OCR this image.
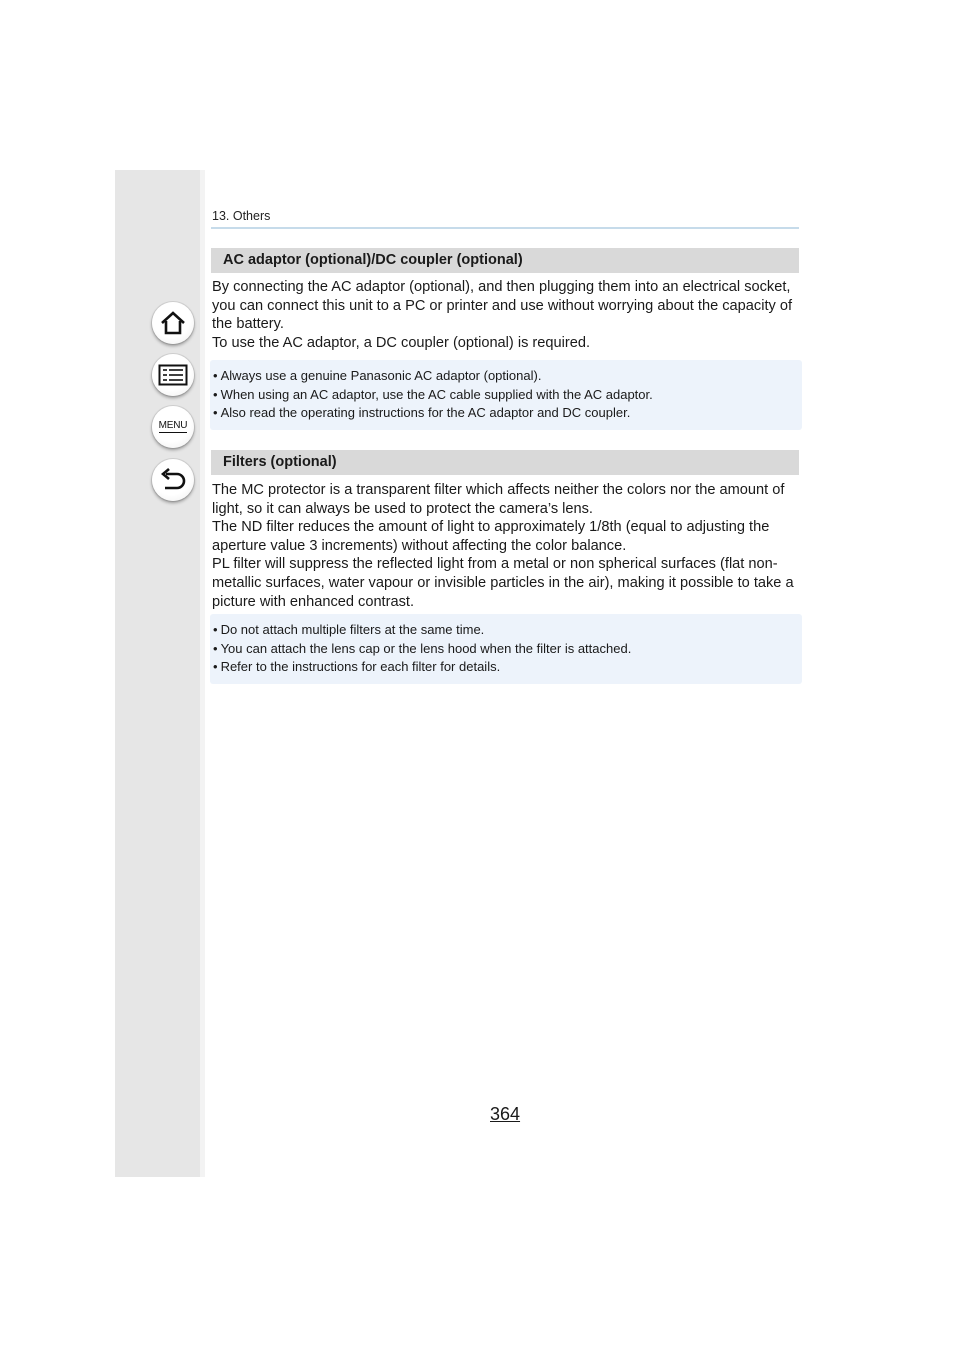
MENU
13. Others
AC adaptor (optional)/DC coupler (optional)

By connecting the AC adaptor (optional), and then plugging them into an electrical socket, you can connect this unit to a PC or printer and use without worrying about the capacity of the battery.

To use the AC adaptor, a DC coupler (optional) is required.

• Always use a genuine Panasonic AC adaptor (optional).
• When using an AC adaptor, use the AC cable supplied with the AC adaptor.
• Also read the operating instructions for the AC adaptor and DC coupler.
Filters (optional)

The MC protector is a transparent filter which affects neither the colors nor the amount of light, so it can always be used to protect the camera’s lens.

The ND filter reduces the amount of light to approximately 1/8th (equal to adjusting the aperture value 3 increments) without affecting the color balance.

PL filter will suppress the reflected light from a metal or non spherical surfaces (flat non-metallic surfaces, water vapour or invisible particles in the air), making it possible to take a picture with enhanced contrast.

• Do not attach multiple filters at the same time.
• You can attach the lens cap or the lens hood when the filter is attached.
• Refer to the instructions for each filter for details.
364
